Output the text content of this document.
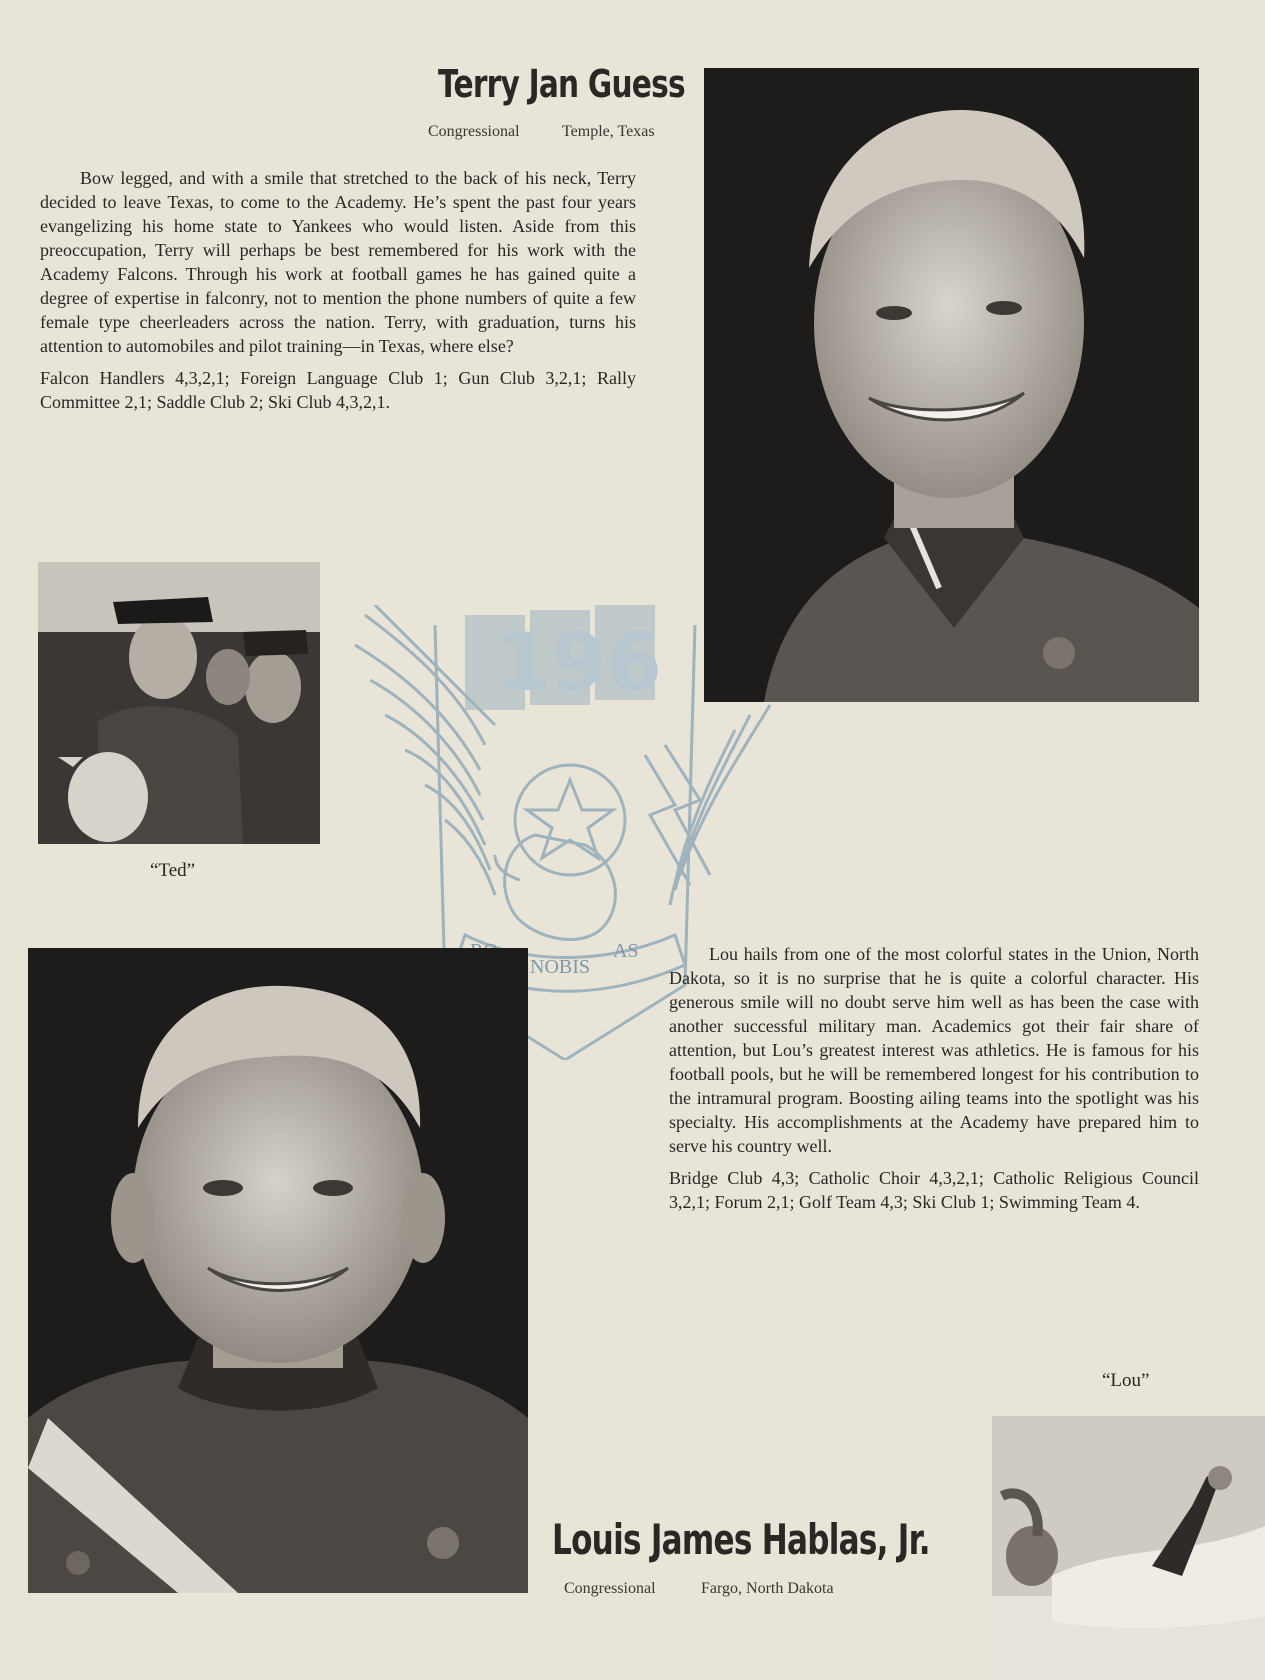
196
NOBIS
AS
Terry Jan Guess
Congressional	Temple, Texas

Bow legged, and with a smile that stretched to the back of his neck, Terry decided to leave Texas, to come to the Academy. He’s spent the past four years evangelizing his home state to Yankees who would listen. Aside from this preoccupation, Terry will perhaps be best remembered for his work with the Academy Falcons. Through his work at football games he has gained quite a degree of expertise in falconry, not to mention the phone numbers of quite a few female type cheerleaders across the nation. Terry, with graduation, turns his attention to automobiles and pilot training—in Texas, where else?

Falcon Handlers 4,3,2,1; Foreign Language Club 1; Gun Club 3,2,1; Rally Committee 2,1; Saddle Club 2; Ski Club 4,3,2,1.

“Ted”

Lou hails from one of the most colorful states in the Union, North Dakota, so it is no surprise that he is quite a colorful character. His generous smile will no doubt serve him well as has been the case with another successful military man. Academics got their fair share of attention, but Lou’s greatest interest was athletics. He is famous for his football pools, but he will be remembered longest for his contribution to the intramural program. Boosting ailing teams into the spotlight was his specialty. His accomplishments at the Academy have prepared him to serve his country well.

Bridge Club 4,3; Catholic Choir 4,3,2,1; Catholic Religious Council 3,2,1; Forum 2,1; Golf Team 4,3; Ski Club 1; Swimming Team 4.

“Lou”
Louis James Hablas, Jr.
Congressional	Fargo, North Dakota
